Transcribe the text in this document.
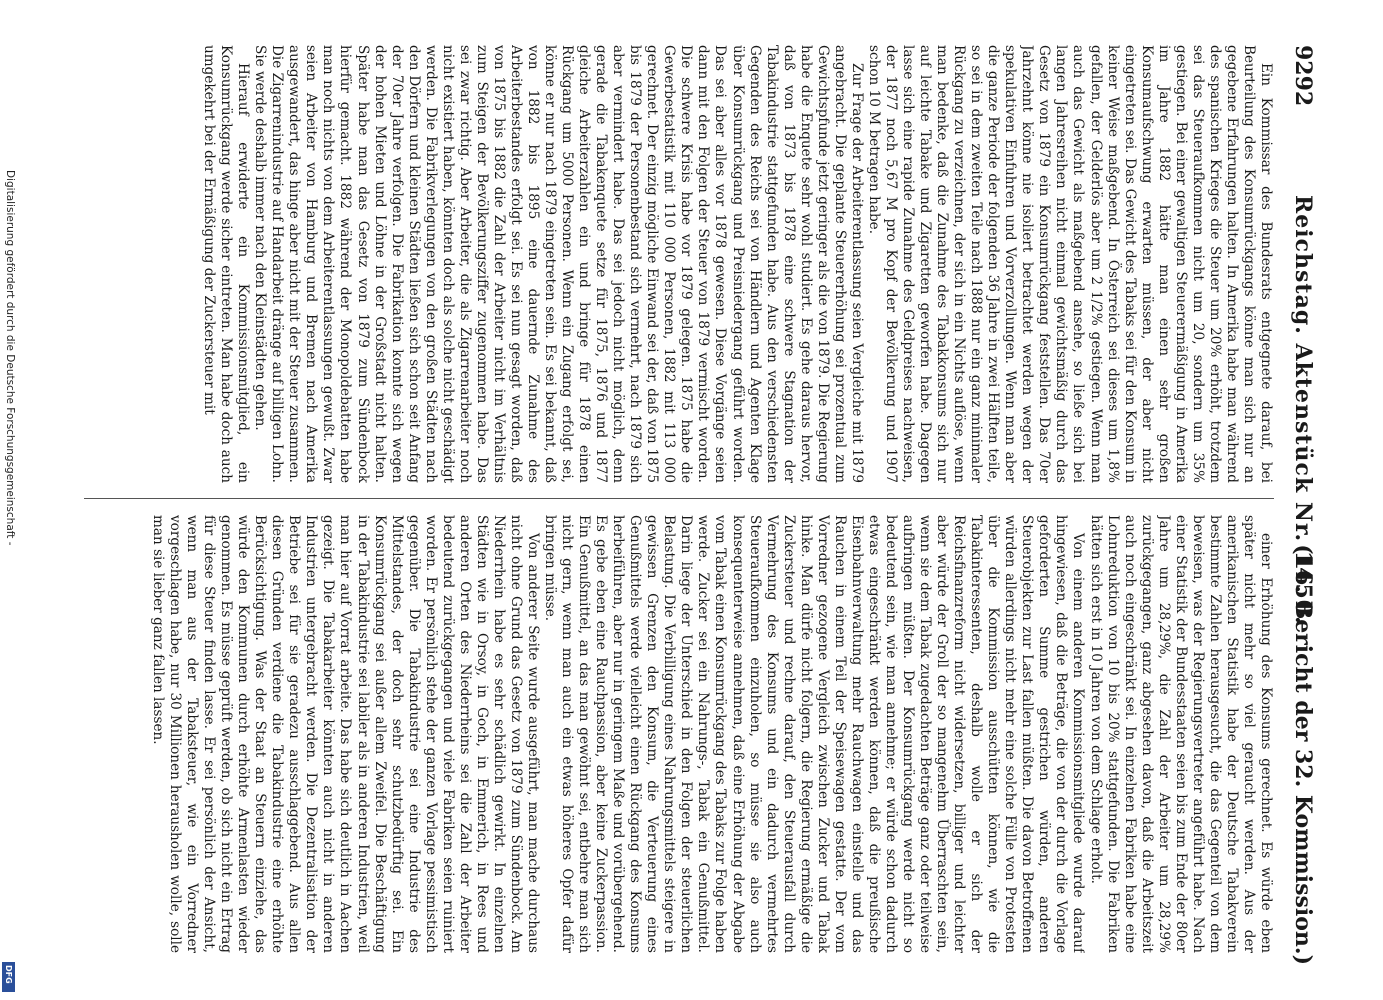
Digitalisierung gefördert durch die Deutsche Forschungsgemeinschaft -
DFG
9292
Reichstag. Aktenstück Nr. 1450.
(16. Bericht der 32. Kommission.)

Ein Kommissar des Bundesrats entgegnete darauf, bei Beurteilung des Konsumrückgangs könne man sich nur an gegebene Erfahrungen halten. In Amerika habe man während des spanischen Krieges die Steuer um 20% erhöht, trotzdem sei das Steueraufkommen nicht um 20, sondern um 35% gestiegen. Bei einer gewaltigen Steuerermäßigung in Amerika im Jahre 1882 hätte man einen sehr großen Konsumaufschwung erwarten müssen, der aber nicht eingetreten sei. Das Gewicht des Tabaks sei für den Konsum in keiner Weise maßgebend. In Österreich sei dieses um 1,8% gefallen, der Gelderlös aber um 2 1/2% gestiegen. Wenn man auch das Gewicht als maßgebend ansehe, so ließe sich bei langen Jahresreihen nicht einmal gewichtsmäßig durch das Gesetz von 1879 ein Konsumrückgang feststellen. Das 70er Jahrzehnt könne nie isoliert betrachtet werden wegen der spekulativen Einfuhren und Vorverzollungen. Wenn man aber die ganze Periode der folgenden 36 Jahre in zwei Hälften teile, so sei in dem zweiten Teile nach 1888 nur ein ganz minimaler Rückgang zu verzeichnen, der sich in ein Nichts auflöse, wenn man bedenke, daß die Zunahme des Tabakkonsums sich nur auf leichte Tabake und Zigaretten geworfen habe. Dagegen lasse sich eine rapide Zunahme des Geldpreises nachweisen, der 1877 noch 5,67 M pro Kopf der Bevölkerung und 1907 schon 10 M betragen habe.

Zur Frage der Arbeiterentlassung seien Vergleiche mit 1879 angebracht. Die geplante Steuererhöhung sei prozentual zum Gewichtspfunde jetzt geringer als die von 1879. Die Regierung habe die Enquete sehr wohl studiert. Es gehe daraus hervor, daß von 1873 bis 1878 eine schwere Stagnation der Tabakindustrie stattgefunden habe. Aus den verschiedensten Gegenden des Reichs sei von Händlern und Agenten Klage über Konsumrückgang und Preisniedergang geführt worden. Das sei aber alles vor 1878 gewesen. Diese Vorgänge seien dann mit den Folgen der Steuer von 1879 vermischt worden. Die schwere Krisis habe vor 1879 gelegen. 1875 habe die Gewerbestatistik mit 110 000 Personen, 1882 mit 113 000 gerechnet. Der einzig mögliche Einwand sei der, daß von 1875 bis 1879 der Personenbestand sich vermehrt, nach 1879 sich aber vermindert habe. Das sei jedoch nicht möglich, denn gerade die Tabakenquete setze für 1875, 1876 und 1877 gleiche Arbeiterzahlen ein und bringe für 1878 einen Rückgang um 5000 Personen. Wenn ein Zugang erfolgt sei, könne er nur nach 1879 eingetreten sein. Es sei bekannt, daß von 1882 bis 1895 eine dauernde Zunahme des Arbeiterbestandes erfolgt sei. Es sei nun gesagt worden, daß von 1875 bis 1882 die Zahl der Arbeiter nicht im Verhältnis zum Steigen der Bevölkerungsziffer zugenommen habe. Das sei zwar richtig. Aber Arbeiter, die als Zigarrenarbeiter noch nicht existiert haben, könnten doch als solche nicht geschädigt werden. Die Fabrikverlegungen von den großen Städten nach den Dörfern und kleinen Städten ließen sich schon seit Anfang der 70er Jahre verfolgen. Die Fabrikation konnte sich wegen der hohen Mieten und Löhne in der Großstadt nicht halten. Später habe man das Gesetz von 1879 zum Sündenbock hierfür gemacht. 1882 während der Monopoldebatten habe man noch nichts von dem Arbeiterentlassungen gewußt. Zwar seien Arbeiter von Hamburg und Bremen nach Amerika ausgewandert, das hinge aber nicht mit der Steuer zusammen. Die Zigarrenindustrie auf Handarbeit dränge auf billigen Lohn. Sie werde deshalb immer nach den Kleinstädten gehen.

Hierauf erwiderte ein Kommissionsmitglied, ein Konsumrückgang werde sicher eintreten. Man habe doch auch umgekehrt bei der Ermäßigung der Zuckersteuer mit

einer Erhöhung des Konsums gerechnet. Es würde eben später nicht mehr so viel geraucht werden. Aus der amerikanischen Statistik habe der Deutsche Tabakverein bestimmte Zahlen herausgesucht, die das Gegenteil von dem beweisen, was der Regierungsvertreter angeführt habe. Nach einer Statistik der Bundesstaaten seien bis zum Ende der 80er Jahre um 28,29%, die Zahl der Arbeiter um 28,29% zurückgegangen, ganz abgesehen davon, daß die Arbeitszeit auch noch eingeschränkt sei. In einzelnen Fabriken habe eine Lohnreduktion von 10 bis 20% stattgefunden. Die Fabriken hätten sich erst in 10 Jahren von dem Schlage erholt.

Von einem anderen Kommissionsmitgliede wurde darauf hingewiesen, daß die Beträge, die von der durch die Vorlage geforderten Summe gestrichen würden, anderen Steuerobjekten zur Last fallen müßten. Die davon Betroffenen würden allerdings nicht mehr eine solche Fülle von Protesten über die Kommission ausschütten können, wie die Tabakinteressenten, deshalb wolle er sich der Reichsfinanzreform nicht widersetzen, billiger und leichter aber würde der Groll der so mangenehm Überraschten sein, wenn sie dem Tabak zugedachten Beträge ganz oder teilweise aufbringen müßten. Der Konsumrückgang werde nicht so bedeutend sein, wie man annehme; er würde schon dadurch etwas eingeschränkt werden können, daß die preußische Eisenbahnverwaltung mehr Rauchwagen einstelle und das Rauchen in einem Teil der Speisewagen gestatte. Der vom Vorredner gezogene Vergleich zwischen Zucker und Tabak hinke. Man dürfe nicht folgern, die Regierung ermäßige die Zuckersteuer und rechne darauf, den Steuerausfall durch Vermehrung des Konsums und ein dadurch vermehrtes Steueraufkommen einzuholen, so müsse sie also auch konsequenterweise annehmen, daß eine Erhöhung der Abgabe vom Tabak einen Konsumrückgang des Tabaks zur Folge haben werde. Zucker sei ein Nahrungs-, Tabak ein Genußmittel. Darin liege der Unterschied in den Folgen der steuerlichen Belastung. Die Verbilligung eines Nahrungsmittels steigere in gewissen Grenzen den Konsum, die Verteuerung eines Genußmittels werde vielleicht einen Rückgang des Konsums herbeiführen, aber nur in geringem Maße und vorübergehend. Es gebe eben eine Rauchpassion, aber keine Zuckerpassion. Ein Genußmittel, an das man gewöhnt sei, entbehre man sich nicht gern, wenn man auch ein etwas höheres Opfer dafür bringen müsse.

Von anderer Seite wurde ausgeführt, man mache durchaus nicht ohne Grund das Gesetz von 1879 zum Sündenbock. Am Niederrhein habe es sehr schädlich gewirkt. In einzelnen Städten wie in Orsoy, in Goch, in Emmerich, in Rees und anderen Orten des Niederrheins sei die Zahl der Arbeiter bedeutend zurückgegangen und viele Fabriken seien ruiniert worden. Er persönlich stehe der ganzen Vorlage pessimistisch gegenüber. Die Tabakindustrie sei eine Industrie des Mittelstandes, der doch sehr schutzbedürftig sei. Ein Konsumrückgang sei außer allem Zweifel. Die Beschäftigung in der Tabakindustrie sei labiler als in anderen Industrien, weil man hier auf Vorrat arbeite. Das habe sich deutlich in Aachen gezeigt. Die Tabakarbeiter könnten auch nicht in anderen Industrien untergebracht werden. Die Dezentralisation der Betriebe sei für sie geradezu ausschlaggebend. Aus allen diesen Gründen verdiene die Tabakindustrie eine erhöhte Berücksichtigung. Was der Staat an Steuern einziehe, das würde den Kommunen durch erhöhte Armenlasten wieder genommen. Es müsse geprüft werden, ob sich nicht ein Ertrag für diese Steuer finden lasse. Er sei persönlich der Ansicht, wenn man aus der Tabaksteuer, wie ein Vorredner vorgeschlagen habe, nur 30 Millionen herausholen wolle, solle man sie lieber ganz fallen lassen.
